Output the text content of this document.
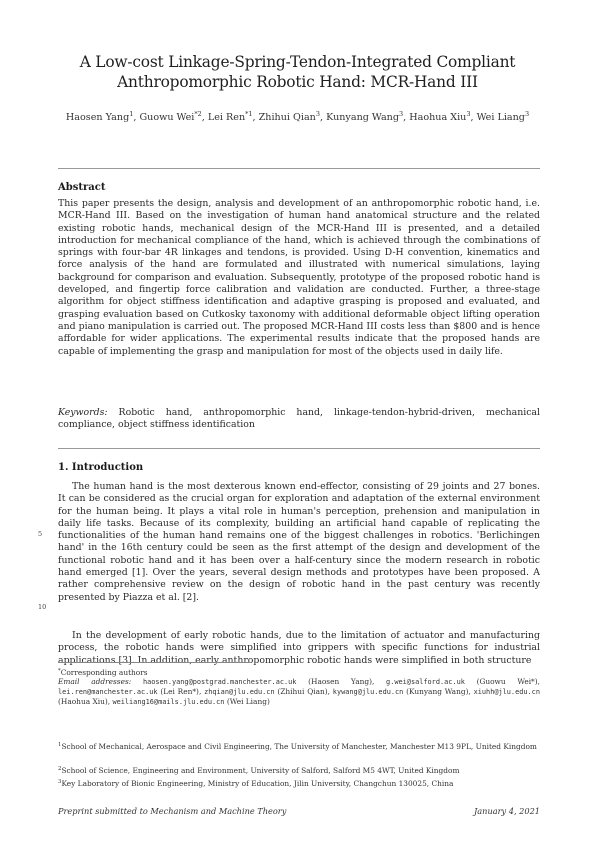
A Low-cost Linkage-Spring-Tendon-Integrated Compliant
Anthropomorphic Robotic Hand: MCR-Hand III
Haosen Yang$^1$, Guowu Wei$^{*2}$, Lei Ren$^{*1}$, Zhihui Qian$^3$, Kunyang Wang$^3$, Haohua Xiu$^3$, Wei Liang$^3$
Abstract
This paper presents the design, analysis and development of an anthropomorphic robotic hand, i.e. MCR-Hand III. Based on the investigation of human hand anatomical structure and the related existing robotic hands, mechanical design of the MCR-Hand III is presented, and a detailed introduction for mechanical compliance of the hand, which is achieved through the combinations of springs with four-bar 4R linkages and tendons, is provided. Using D-H convention, kinematics and force analysis of the hand are formulated and illustrated with numerical simulations, laying background for comparison and evaluation. Subsequently, prototype of the proposed robotic hand is developed, and fingertip force calibration and validation are conducted. Further, a three-stage algorithm for object stiffness identification and adaptive grasping is proposed and evaluated, and grasping evaluation based on Cutkosky taxonomy with additional deformable object lifting operation and piano manipulation is carried out. The proposed MCR-Hand III costs less than $800 and is hence affordable for wider applications. The experimental results indicate that the proposed hands are capable of implementing the grasp and manipulation for most of the objects used in daily life.
Keywords: Robotic hand, anthropomorphic hand, linkage-tendon-hybrid-driven, mechanical compliance, object stiffness identification
1. Introduction
The human hand is the most dexterous known end-effector, consisting of 29 joints and 27 bones. It can be considered as the crucial organ for exploration and adaptation of the external environment for the human being. It plays a vital role in human's perception, prehension and manipulation in daily life tasks. Because of its complexity, building an artificial hand capable of replicating the functionalities of the human hand remains one of the biggest challenges in robotics. 'Berlichingen hand' in the 16th century could be seen as the first attempt of the design and development of the functional robotic hand and it has been over a half-century since the modern research in robotic hand emerged [1]. Over the years, several design methods and prototypes have been proposed. A rather comprehensive review on the design of robotic hand in the past century was recently presented by Piazza et al. [2].
In the development of early robotic hands, due to the limitation of actuator and manufacturing process, the robotic hands were simplified into grippers with specific functions for industrial applications [3]. In addition, early anthropomorphic robotic hands were simplified in both structure
5
10
*Corresponding authors
Email addresses: haosen.yang@postgrad.manchester.ac.uk (Haosen Yang), g.wei@salford.ac.uk (Guowu Wei*), lei.ren@manchester.ac.uk (Lei Ren*), zhqian@jlu.edu.cn (Zhihui Qian), kywang@jlu.edu.cn (Kunyang Wang), xiuhh@jlu.edu.cn (Haohua Xiu), weiliang16@mails.jlu.edu.cn (Wei Liang)
$^1$School of Mechanical, Aerospace and Civil Engineering, The University of Manchester, Manchester M13 9PL, United Kingdom
$^2$School of Science, Engineering and Environment, University of Salford, Salford M5 4WT, United Kingdom
$^3$Key Laboratory of Bionic Engineering, Ministry of Education, Jilin University, Changchun 130025, China
Preprint submitted to Mechanism and Machine Theory	January 4, 2021
